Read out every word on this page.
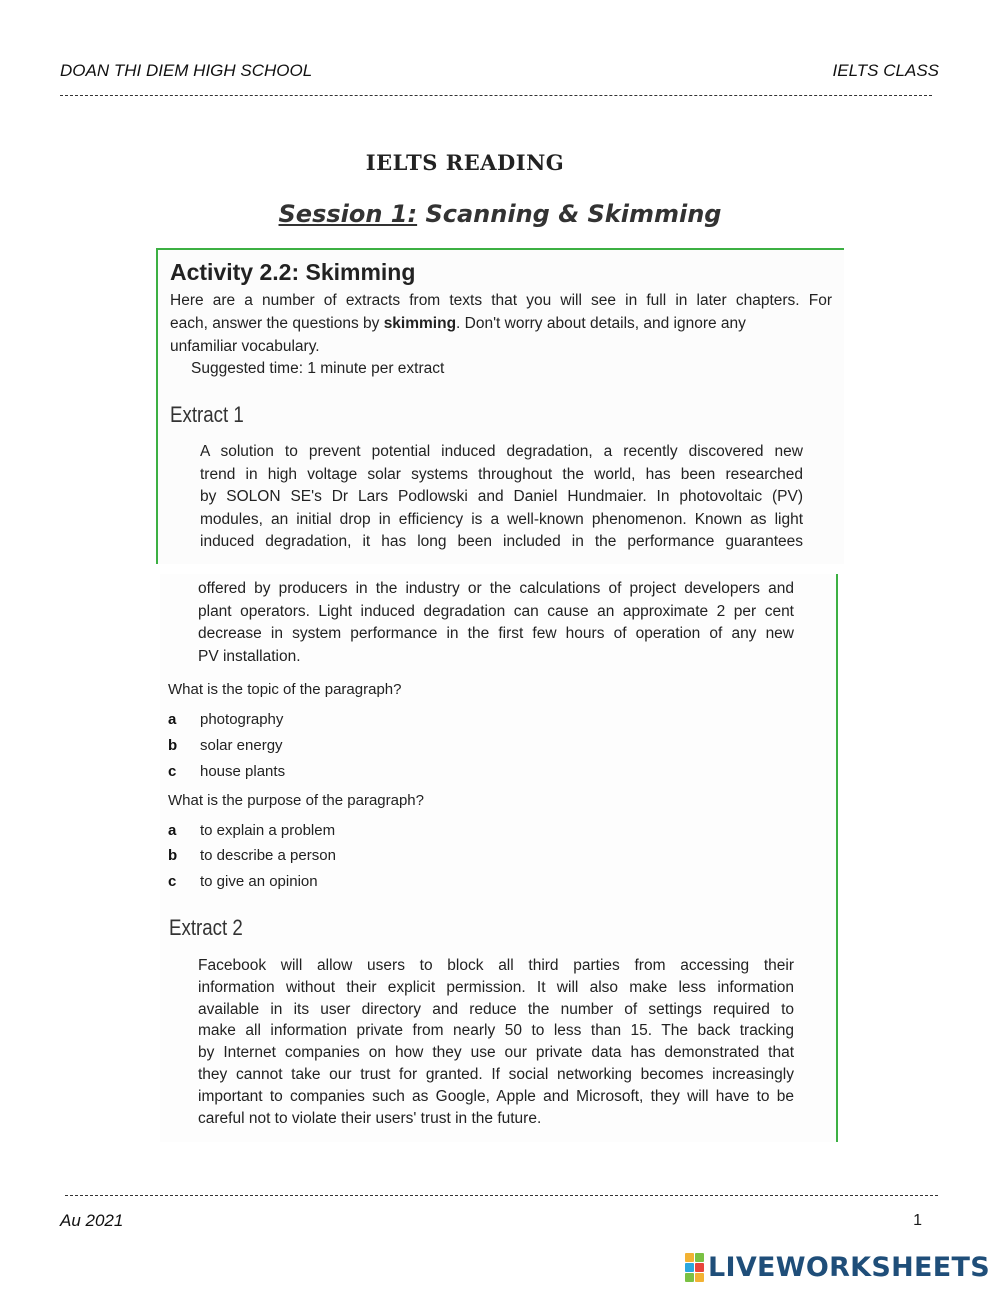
DOAN THI DIEM HIGH SCHOOL	IELTS CLASS
IELTS READING
Session 1: Scanning & Skimming
Activity 2.2: Skimming
Here are a number of extracts from texts that you will see in full in later chapters. For
each, answer the questions by skimming. Don't worry about details, and ignore any
unfamiliar vocabulary.
Suggested time: 1 minute per extract
Extract 1
A solution to prevent potential induced degradation, a recently discovered new
trend in high voltage solar systems throughout the world, has been researched
by SOLON SE's Dr Lars Podlowski and Daniel Hundmaier. In photovoltaic (PV)
modules, an initial drop in efficiency is a well-known phenomenon. Known as light
induced degradation, it has long been included in the performance guarantees
offered by producers in the industry or the calculations of project developers and
plant operators. Light induced degradation can cause an approximate 2 per cent
decrease in system performance in the first few hours of operation of any new
PV installation.
What is the topic of the paragraph?
a photography
b solar energy
c house plants
What is the purpose of the paragraph?
a to explain a problem
b to describe a person
c to give an opinion
Extract 2
Facebook will allow users to block all third parties from accessing their
information without their explicit permission. It will also make less information
available in its user directory and reduce the number of settings required to
make all information private from nearly 50 to less than 15. The back tracking
by Internet companies on how they use our private data has demonstrated that
they cannot take our trust for granted. If social networking becomes increasingly
important to companies such as Google, Apple and Microsoft, they will have to be
careful not to violate their users' trust in the future.
Au 2021	1
LIVEWORKSHEETS
